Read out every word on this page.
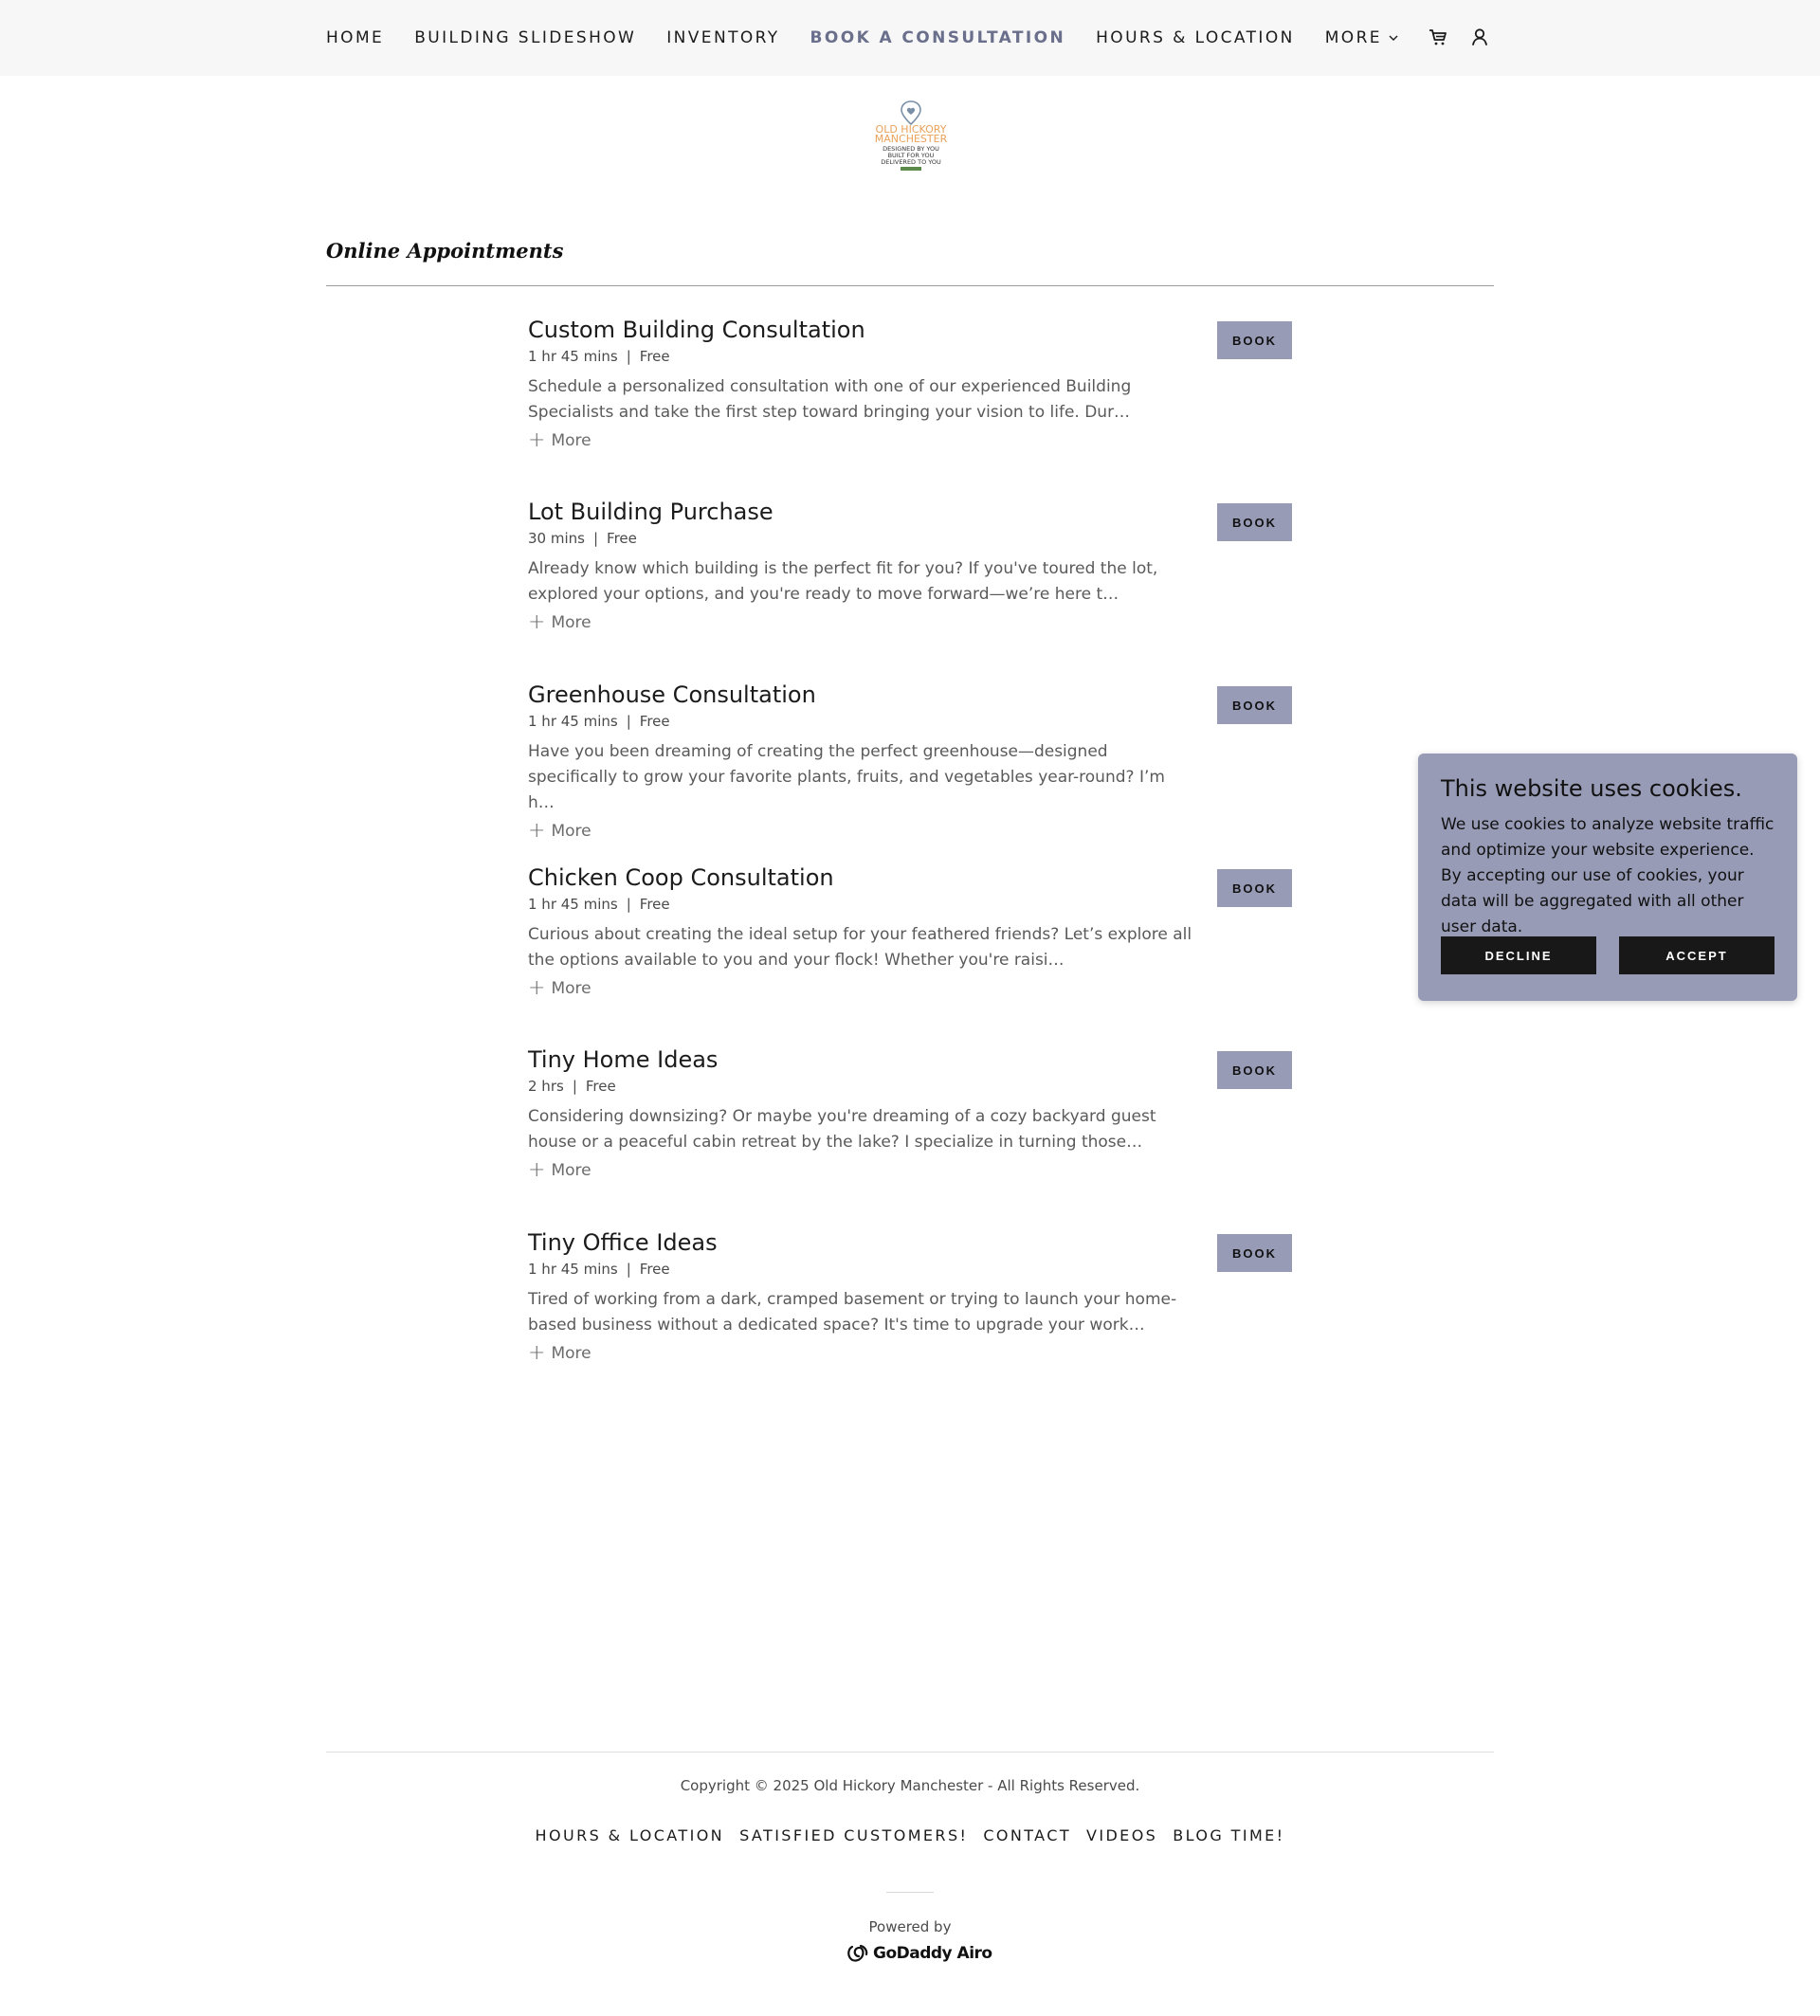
HOME BUILDING SLIDESHOW INVENTORY BOOK A CONSULTATION HOURS & LOCATION MORE
OLD HICKORY
MANCHESTER
DESIGNED BY YOU
BUILT FOR YOU
DELIVERED TO YOU
Online Appointments
Custom Building Consultation
1 hr 45 mins | Free
Schedule a personalized consultation with one of our experienced Building Specialists and take the first step toward bringing your vision to life. Dur…
+ More
BOOK
Lot Building Purchase
30 mins | Free
Already know which building is the perfect fit for you? If you've toured the lot, explored your options, and you're ready to move forward—we’re here t…
+ More
BOOK
Greenhouse Consultation
1 hr 45 mins | Free
Have you been dreaming of creating the perfect greenhouse—designed specifically to grow your favorite plants, fruits, and vegetables year-round? I’m h…
+ More
BOOK
Chicken Coop Consultation
1 hr 45 mins | Free
Curious about creating the ideal setup for your feathered friends? Let’s explore all the options available to you and your flock! Whether you're raisi…
+ More
BOOK
Tiny Home Ideas
2 hrs | Free
Considering downsizing? Or maybe you're dreaming of a cozy backyard guest house or a peaceful cabin retreat by the lake? I specialize in turning those…
+ More
BOOK
Tiny Office Ideas
1 hr 45 mins | Free
Tired of working from a dark, cramped basement or trying to launch your home-based business without a dedicated space? It's time to upgrade your work…
+ More
BOOK
This website uses cookies.
We use cookies to analyze website traffic and optimize your website experience. By accepting our use of cookies, your data will be aggregated with all other user data.
DECLINE	ACCEPT
Copyright © 2025 Old Hickory Manchester - All Rights Reserved.
HOURS & LOCATION SATISFIED CUSTOMERS! CONTACT VIDEOS BLOG TIME!
Powered by
GoDaddy Airo
